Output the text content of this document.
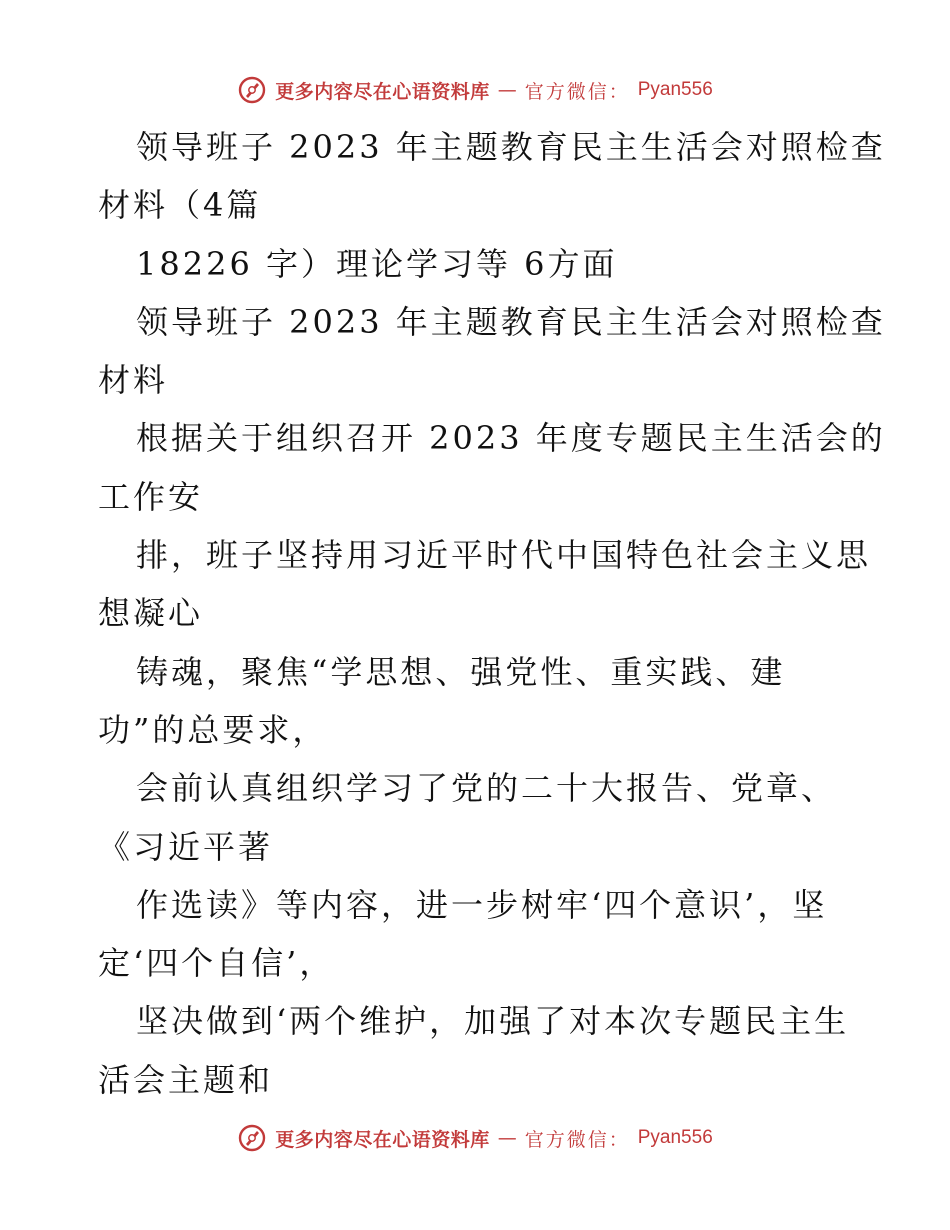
更多内容尽在心语资料库 — 官方微信： Pyan556
领导班子 2023 年主题教育民主生活会对照检查
材料（4篇
18226 字）理论学习等 6方面
领导班子 2023 年主题教育民主生活会对照检查
材料
根据关于组织召开 2023 年度专题民主生活会的
工作安
排，班子坚持用习近平时代中国特色社会主义思
想凝心
铸魂，聚焦“学思想、强党性、重实践、建
功”的总要求，
会前认真组织学习了党的二十大报告、党章、
《习近平著
作选读》等内容，进一步树牢‘四个意识’，坚
定‘四个自信’，
坚决做到‘两个维护，加强了对本次专题民主生
活会主题和
更多内容尽在心语资料库 — 官方微信： Pyan556
